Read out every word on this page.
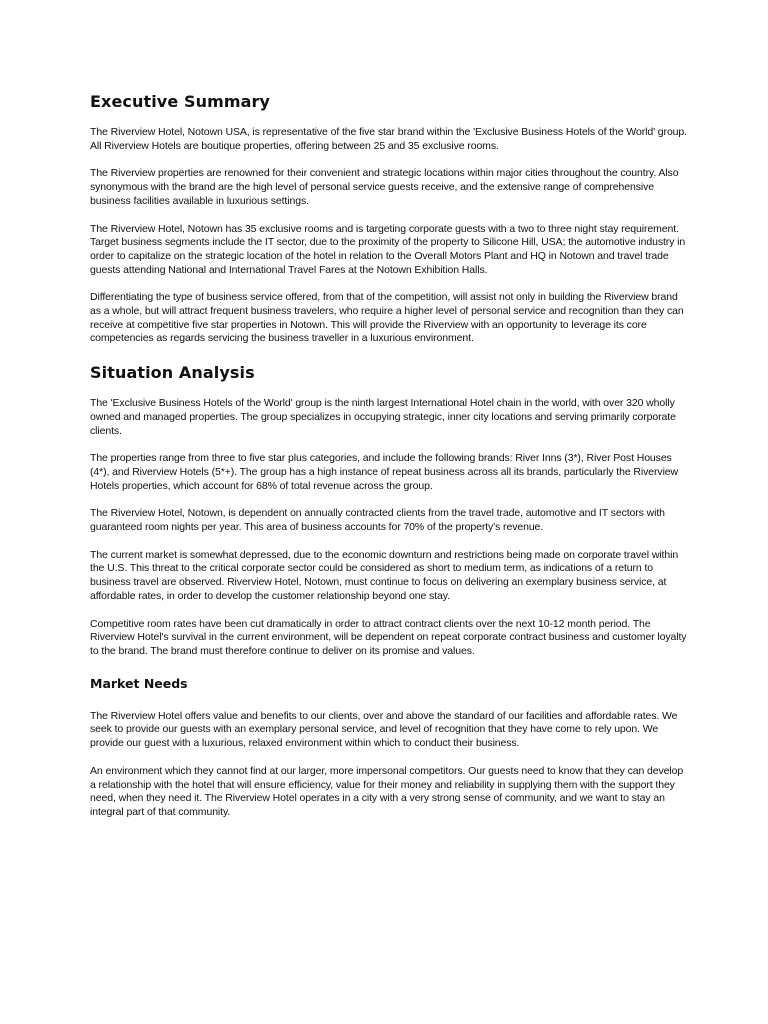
Executive Summary

The Riverview Hotel, Notown USA, is representative of the five star brand within the 'Exclusive Business Hotels of the World' group. All Riverview Hotels are boutique properties, offering between 25 and 35 exclusive rooms.

The Riverview properties are renowned for their convenient and strategic locations within major cities throughout the country. Also synonymous with the brand are the high level of personal service guests receive, and the extensive range of comprehensive business facilities available in luxurious settings.

The Riverview Hotel, Notown has 35 exclusive rooms and is targeting corporate guests with a two to three night stay requirement. Target business segments include the IT sector, due to the proximity of the property to Silicone Hill, USA; the automotive industry in order to capitalize on the strategic location of the hotel in relation to the Overall Motors Plant and HQ in Notown and travel trade guests attending National and International Travel Fares at the Notown Exhibition Halls.

Differentiating the type of business service offered, from that of the competition, will assist not only in building the Riverview brand as a whole, but will attract frequent business travelers, who require a higher level of personal service and recognition than they can receive at competitive five star properties in Notown. This will provide the Riverview with an opportunity to leverage its core competencies as regards servicing the business traveller in a luxurious environment.

Situation Analysis

The 'Exclusive Business Hotels of the World' group is the ninth largest International Hotel chain in the world, with over 320 wholly owned and managed properties. The group specializes in occupying strategic, inner city locations and serving primarily corporate clients.

The properties range from three to five star plus categories, and include the following brands: River Inns (3*), River Post Houses (4*), and Riverview Hotels (5*+). The group has a high instance of repeat business across all its brands, particularly the Riverview Hotels properties, which account for 68% of total revenue across the group.

The Riverview Hotel, Notown, is dependent on annually contracted clients from the travel trade, automotive and IT sectors with guaranteed room nights per year. This area of business accounts for 70% of the property's revenue.

The current market is somewhat depressed, due to the economic downturn and restrictions being made on corporate travel within the U.S. This threat to the critical corporate sector could be considered as short to medium term, as indications of a return to business travel are observed. Riverview Hotel, Notown, must continue to focus on delivering an exemplary business service, at affordable rates, in order to develop the customer relationship beyond one stay.

Competitive room rates have been cut dramatically in order to attract contract clients over the next 10-12 month period. The Riverview Hotel's survival in the current environment, will be dependent on repeat corporate contract business and customer loyalty to the brand. The brand must therefore continue to deliver on its promise and values.

Market Needs

The Riverview Hotel offers value and benefits to our clients, over and above the standard of our facilities and affordable rates. We seek to provide our guests with an exemplary personal service, and level of recognition that they have come to rely upon. We provide our guest with a luxurious, relaxed environment within which to conduct their business.

An environment which they cannot find at our larger, more impersonal competitors. Our guests need to know that they can develop a relationship with the hotel that will ensure efficiency, value for their money and reliability in supplying them with the support they need, when they need it. The Riverview Hotel operates in a city with a very strong sense of community, and we want to stay an integral part of that community.
